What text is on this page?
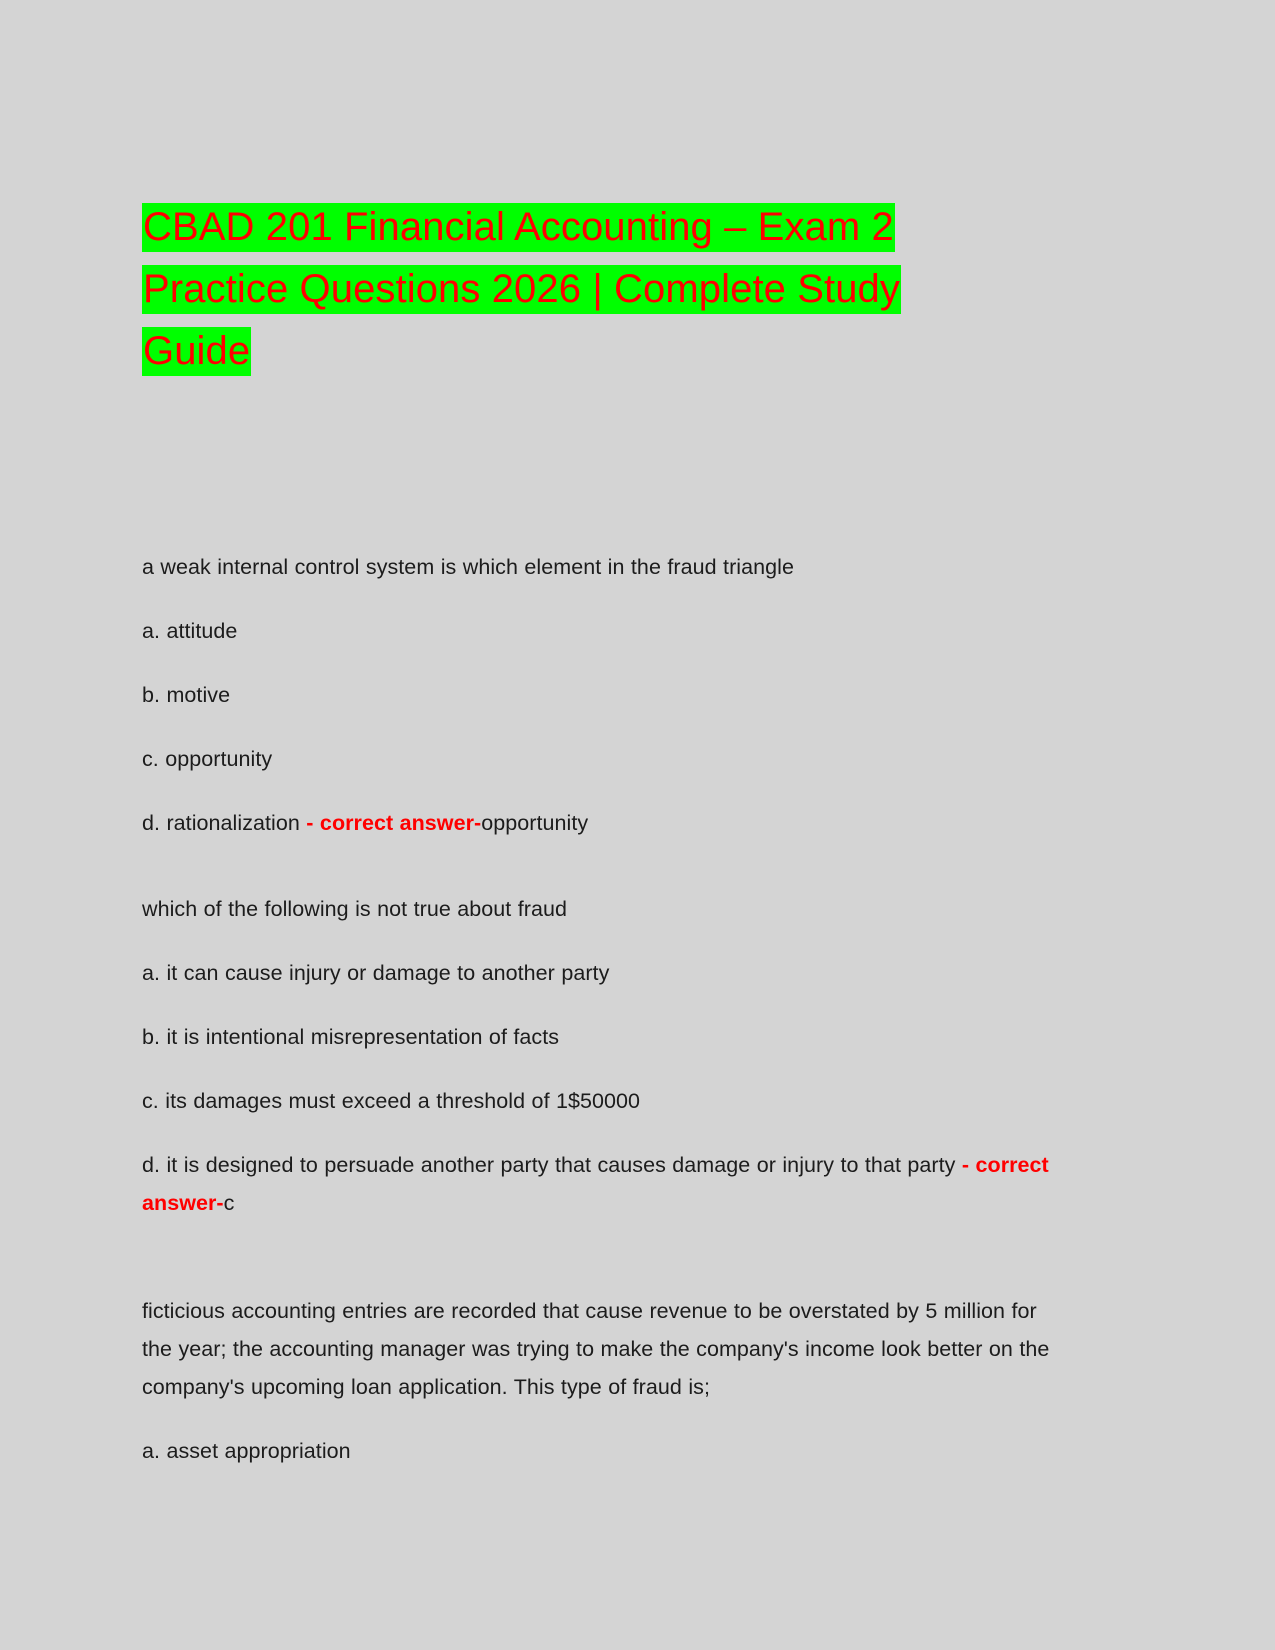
CBAD 201 Financial Accounting – Exam 2
Practice Questions 2026 | Complete Study
Guide

a weak internal control system is which element in the fraud triangle

a. attitude

b. motive

c. opportunity

d. rationalization - correct answer-opportunity

which of the following is not true about fraud

a. it can cause injury or damage to another party

b. it is intentional misrepresentation of facts

c. its damages must exceed a threshold of 1$50000

d. it is designed to persuade another party that causes damage or injury to that party - correct answer-c

ficticious accounting entries are recorded that cause revenue to be overstated by 5 million for the year; the accounting manager was trying to make the company's income look better on the company's upcoming loan application. This type of fraud is;

a. asset appropriation
